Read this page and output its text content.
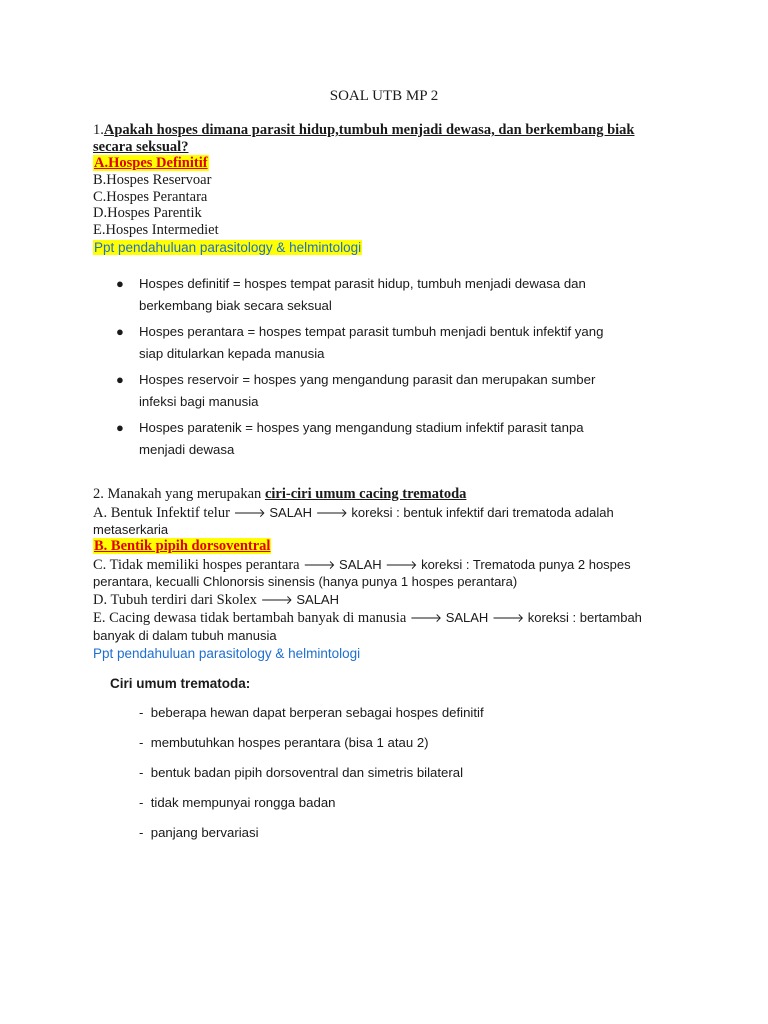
SOAL UTB MP 2
1.Apakah hospes dimana parasit hidup,tumbuh menjadi dewasa, dan berkembang biak
secara seksual?
A.Hospes Definitif
B.Hospes Reservoar
C.Hospes Perantara
D.Hospes Parentik
E.Hospes Intermediet
Ppt pendahuluan parasitology & helmintologi
● Hospes definitif = hospes tempat parasit hidup, tumbuh menjadi dewasa dan
berkembang biak secara seksual
● Hospes perantara = hospes tempat parasit tumbuh menjadi bentuk infektif yang
siap ditularkan kepada manusia
● Hospes reservoir = hospes yang mengandung parasit dan merupakan sumber
infeksi bagi manusia
● Hospes paratenik = hospes yang mengandung stadium infektif parasit tanpa
menjadi dewasa
2. Manakah yang merupakan ciri-ciri umum cacing trematoda
A. Bentuk Infektif telur 🡒 SALAH 🡒 koreksi : bentuk infektif dari trematoda adalah
metaserkaria
B. Bentik pipih dorsoventral
C. Tidak memiliki hospes perantara 🡒 SALAH 🡒 koreksi : Trematoda punya 2 hospes
perantara, kecualli Chlonorsis sinensis (hanya punya 1 hospes perantara)
D. Tubuh terdiri dari Skolex 🡒 SALAH
E. Cacing dewasa tidak bertambah banyak di manusia 🡒 SALAH 🡒 koreksi : bertambah
banyak di dalam tubuh manusia
Ppt pendahuluan parasitology & helmintologi
Ciri umum trematoda:
- beberapa hewan dapat berperan sebagai hospes definitif
- membutuhkan hospes perantara (bisa 1 atau 2)
- bentuk badan pipih dorsoventral dan simetris bilateral
- tidak mempunyai rongga badan
- panjang bervariasi
